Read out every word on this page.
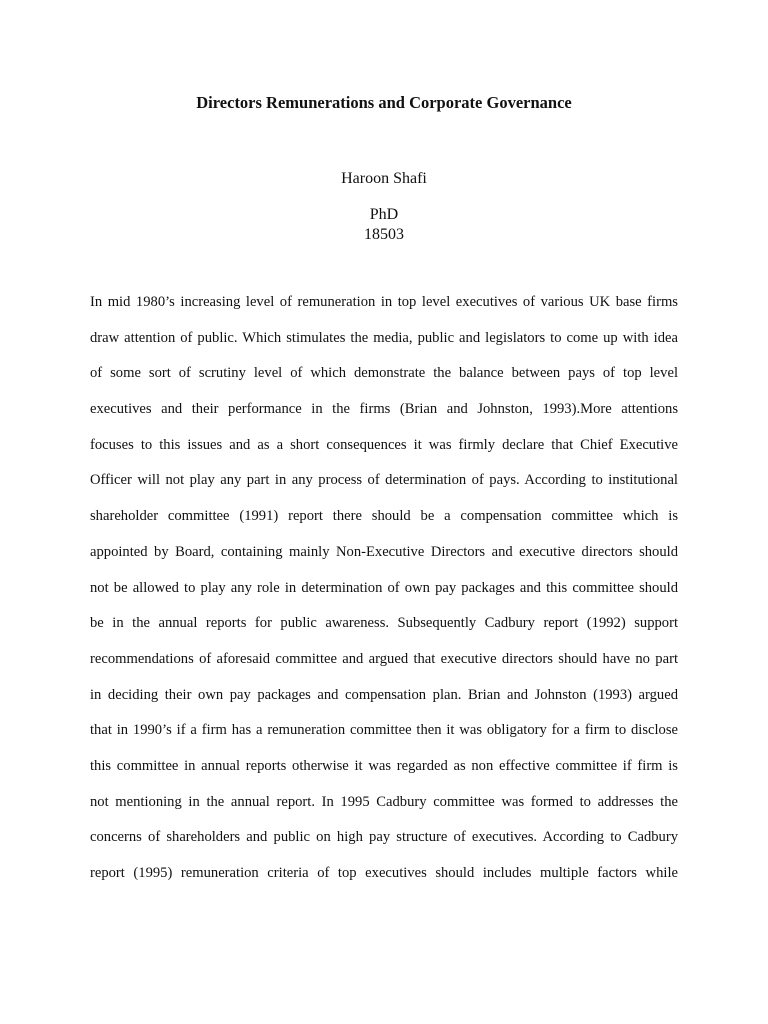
Directors Remunerations and Corporate Governance

Haroon Shafi

PhD
18503
In mid 1980’s increasing level of remuneration in top level executives of various UK base firms
draw attention of public. Which stimulates the media, public and legislators to come up with idea
of some sort of scrutiny level of which demonstrate the balance between pays of top level
executives and their performance in the firms (Brian and Johnston, 1993).More attentions
focuses to this issues and as a short consequences it was firmly declare that Chief Executive
Officer will not play any part in any process of determination of pays. According to institutional
shareholder committee (1991) report there should be a compensation committee which is
appointed by Board, containing mainly Non-Executive Directors and executive directors should
not be allowed to play any role in determination of own pay packages and this committee should
be in the annual reports for public awareness. Subsequently Cadbury report (1992) support
recommendations of aforesaid committee and argued that executive directors should have no part
in deciding their own pay packages and compensation plan. Brian and Johnston (1993) argued
that in 1990’s if a firm has a remuneration committee then it was obligatory for a firm to disclose
this committee in annual reports otherwise it was regarded as non effective committee if firm is
not mentioning in the annual report. In 1995 Cadbury committee was formed to addresses the
concerns of shareholders and public on high pay structure of executives. According to Cadbury
report (1995) remuneration criteria of top executives should includes multiple factors while
